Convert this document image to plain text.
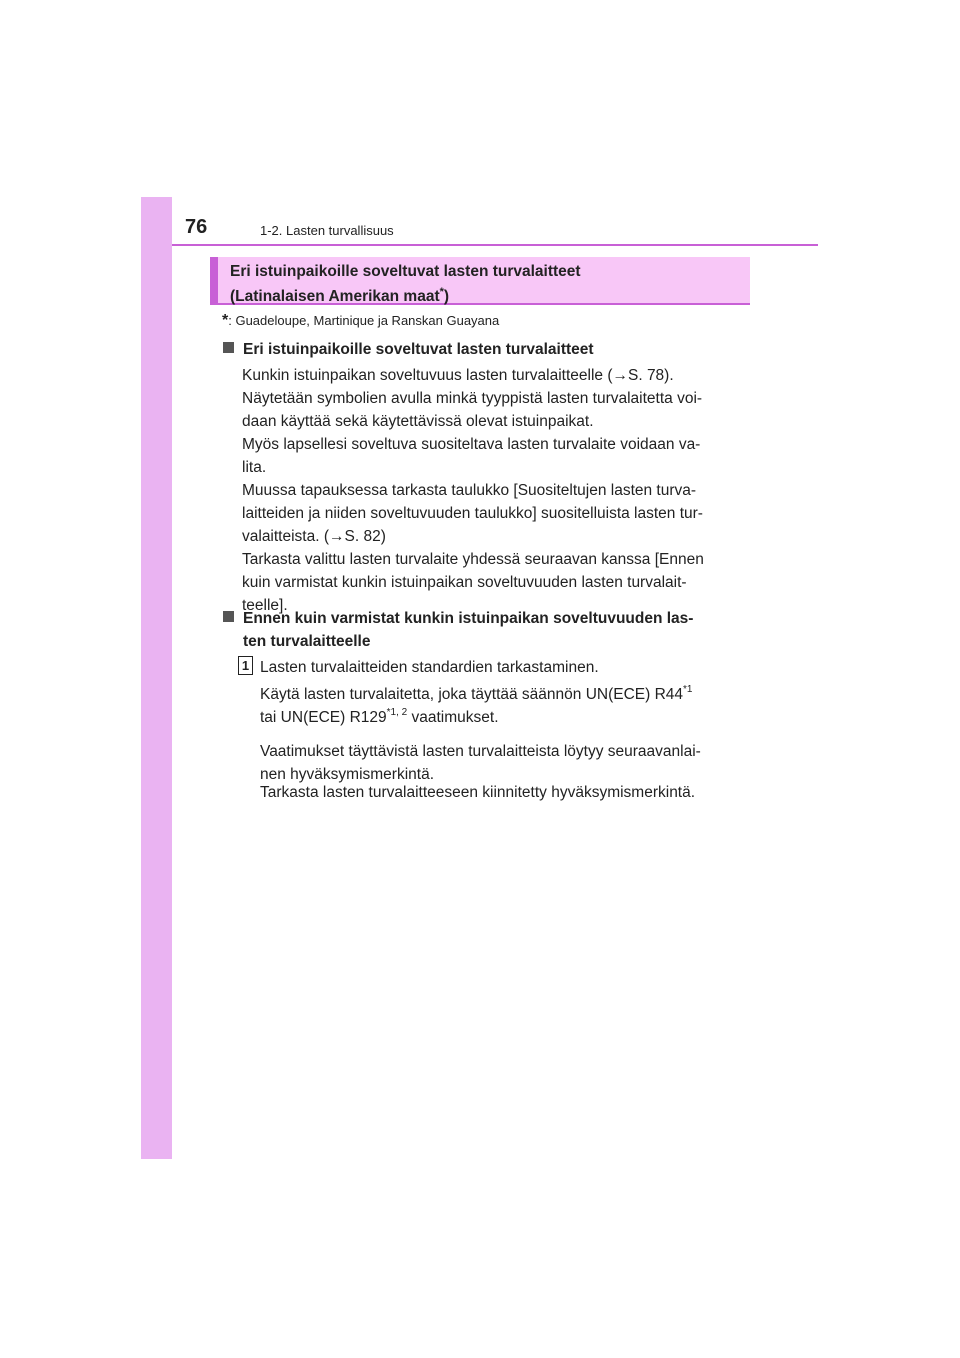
76	1-2. Lasten turvallisuus
Eri istuinpaikoille soveltuvat lasten turvalaitteet
(Latinalaisen Amerikan maat*)
*: Guadeloupe, Martinique ja Ranskan Guayana
Eri istuinpaikoille soveltuvat lasten turvalaitteet

Kunkin istuinpaikan soveltuvuus lasten turvalaitteelle (→S. 78).

Näytetään symbolien avulla minkä tyyppistä lasten turvalaitetta voi-

daan käyttää sekä käytettävissä olevat istuinpaikat.

Myös lapsellesi soveltuva suositeltava lasten turvalaite voidaan va-

lita.

Muussa tapauksessa tarkasta taulukko [Suositeltujen lasten turva-

laitteiden ja niiden soveltuvuuden taulukko] suositelluista lasten tur-

valaitteista. (→S. 82)

Tarkasta valittu lasten turvalaite yhdessä seuraavan kanssa [Ennen

kuin varmistat kunkin istuinpaikan soveltuvuuden lasten turvalait-

teelle].

Ennen kuin varmistat kunkin istuinpaikan soveltuvuuden las-
ten turvalaitteelle
1 Lasten turvalaitteiden standardien tarkastaminen.

Käytä lasten turvalaitetta, joka täyttää säännön UN(ECE) R44$^{*1}$

tai UN(ECE) R129$^{*1, 2}$ vaatimukset.

Vaatimukset täyttävistä lasten turvalaitteista löytyy seuraavanlai-

nen hyväksymismerkintä.

Tarkasta lasten turvalaitteeseen kiinnitetty hyväksymismerkintä.
